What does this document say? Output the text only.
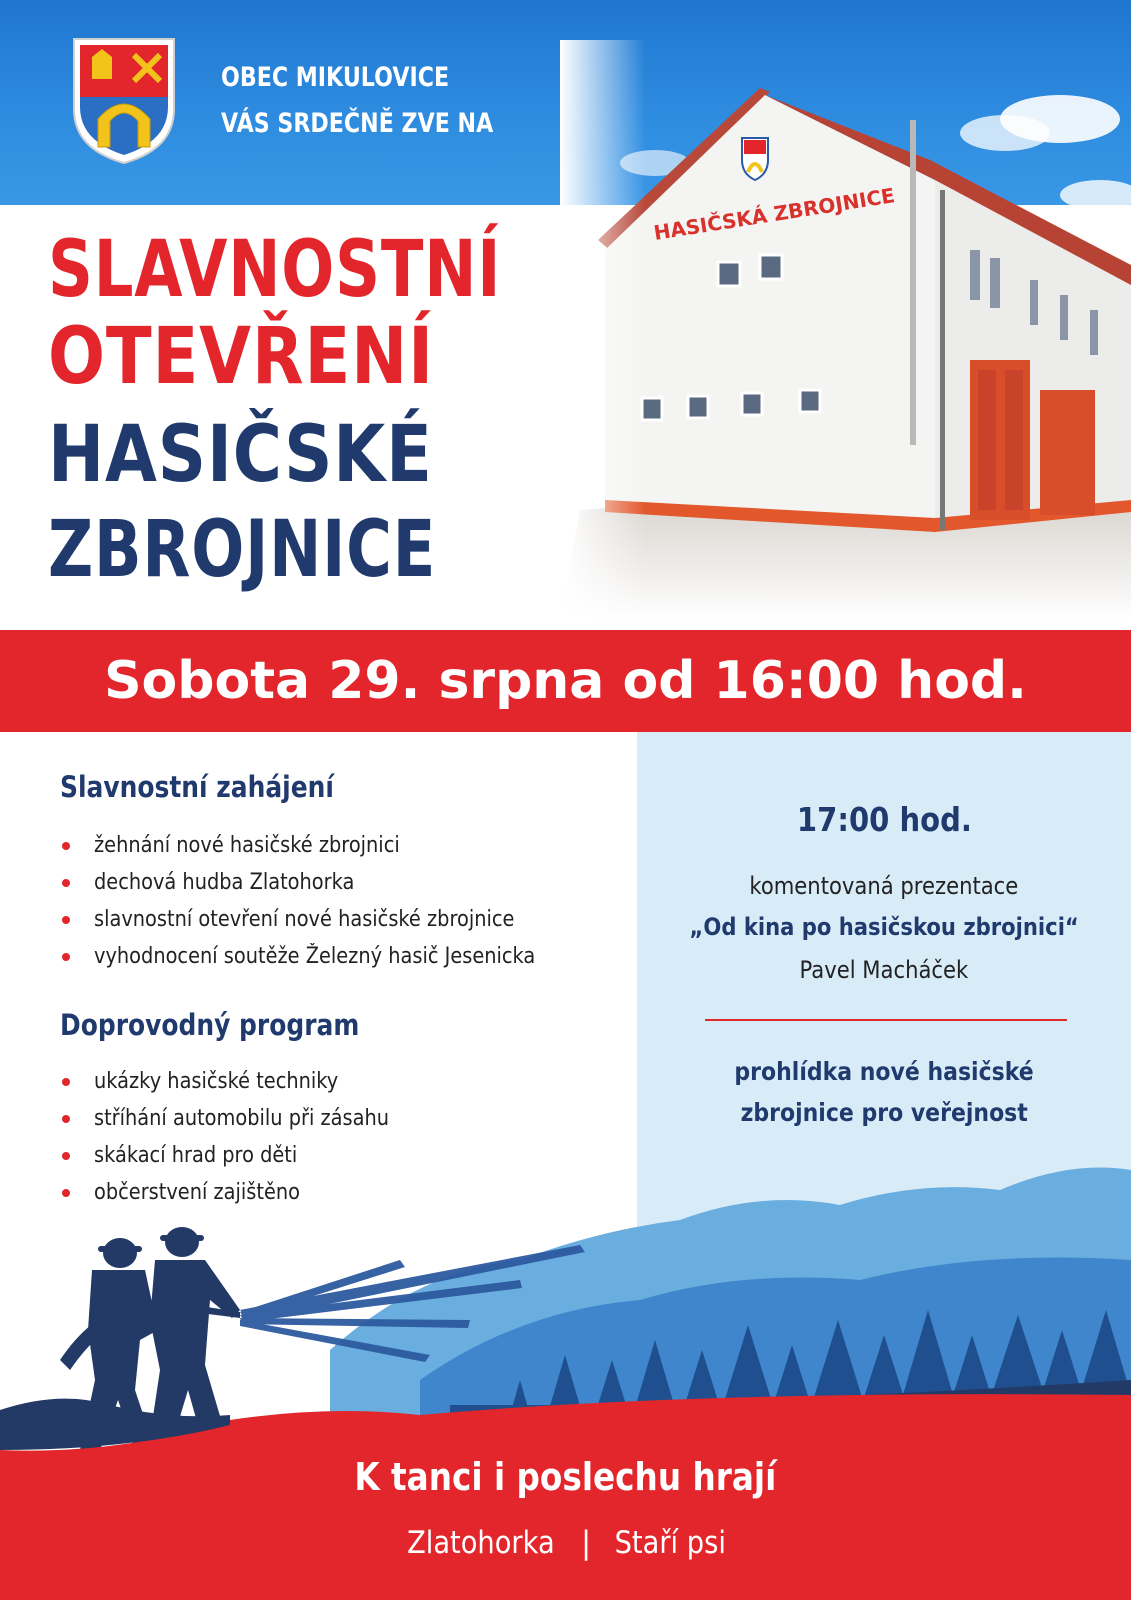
OBEC MIKULOVICE
VÁS SRDEČNĚ ZVE NA
SLAVNOSTNÍ
OTEVŘENÍ
HASIČSKÉ
ZBROJNICE
Sobota 29. srpna od 16:00 hod.
Slavnostní zahájení
žehnání nové hasičské zbrojnici
dechová hudba Zlatohorka
slavnostní otevření nové hasičské zbrojnice
vyhodnocení soutěže Železný hasič Jesenicka
Doprovodný program
ukázky hasičské techniky
stříhání automobilu při zásahu
skákací hrad pro děti
občerstvení zajištěno
17:00 hod.
komentovaná prezentace
„Od kina po hasičskou zbrojnici“
Pavel Macháček
prohlídka nové hasičské
zbrojnice pro veřejnost
K tanci i poslechu hrají
Zlatohorka | Staří psi
